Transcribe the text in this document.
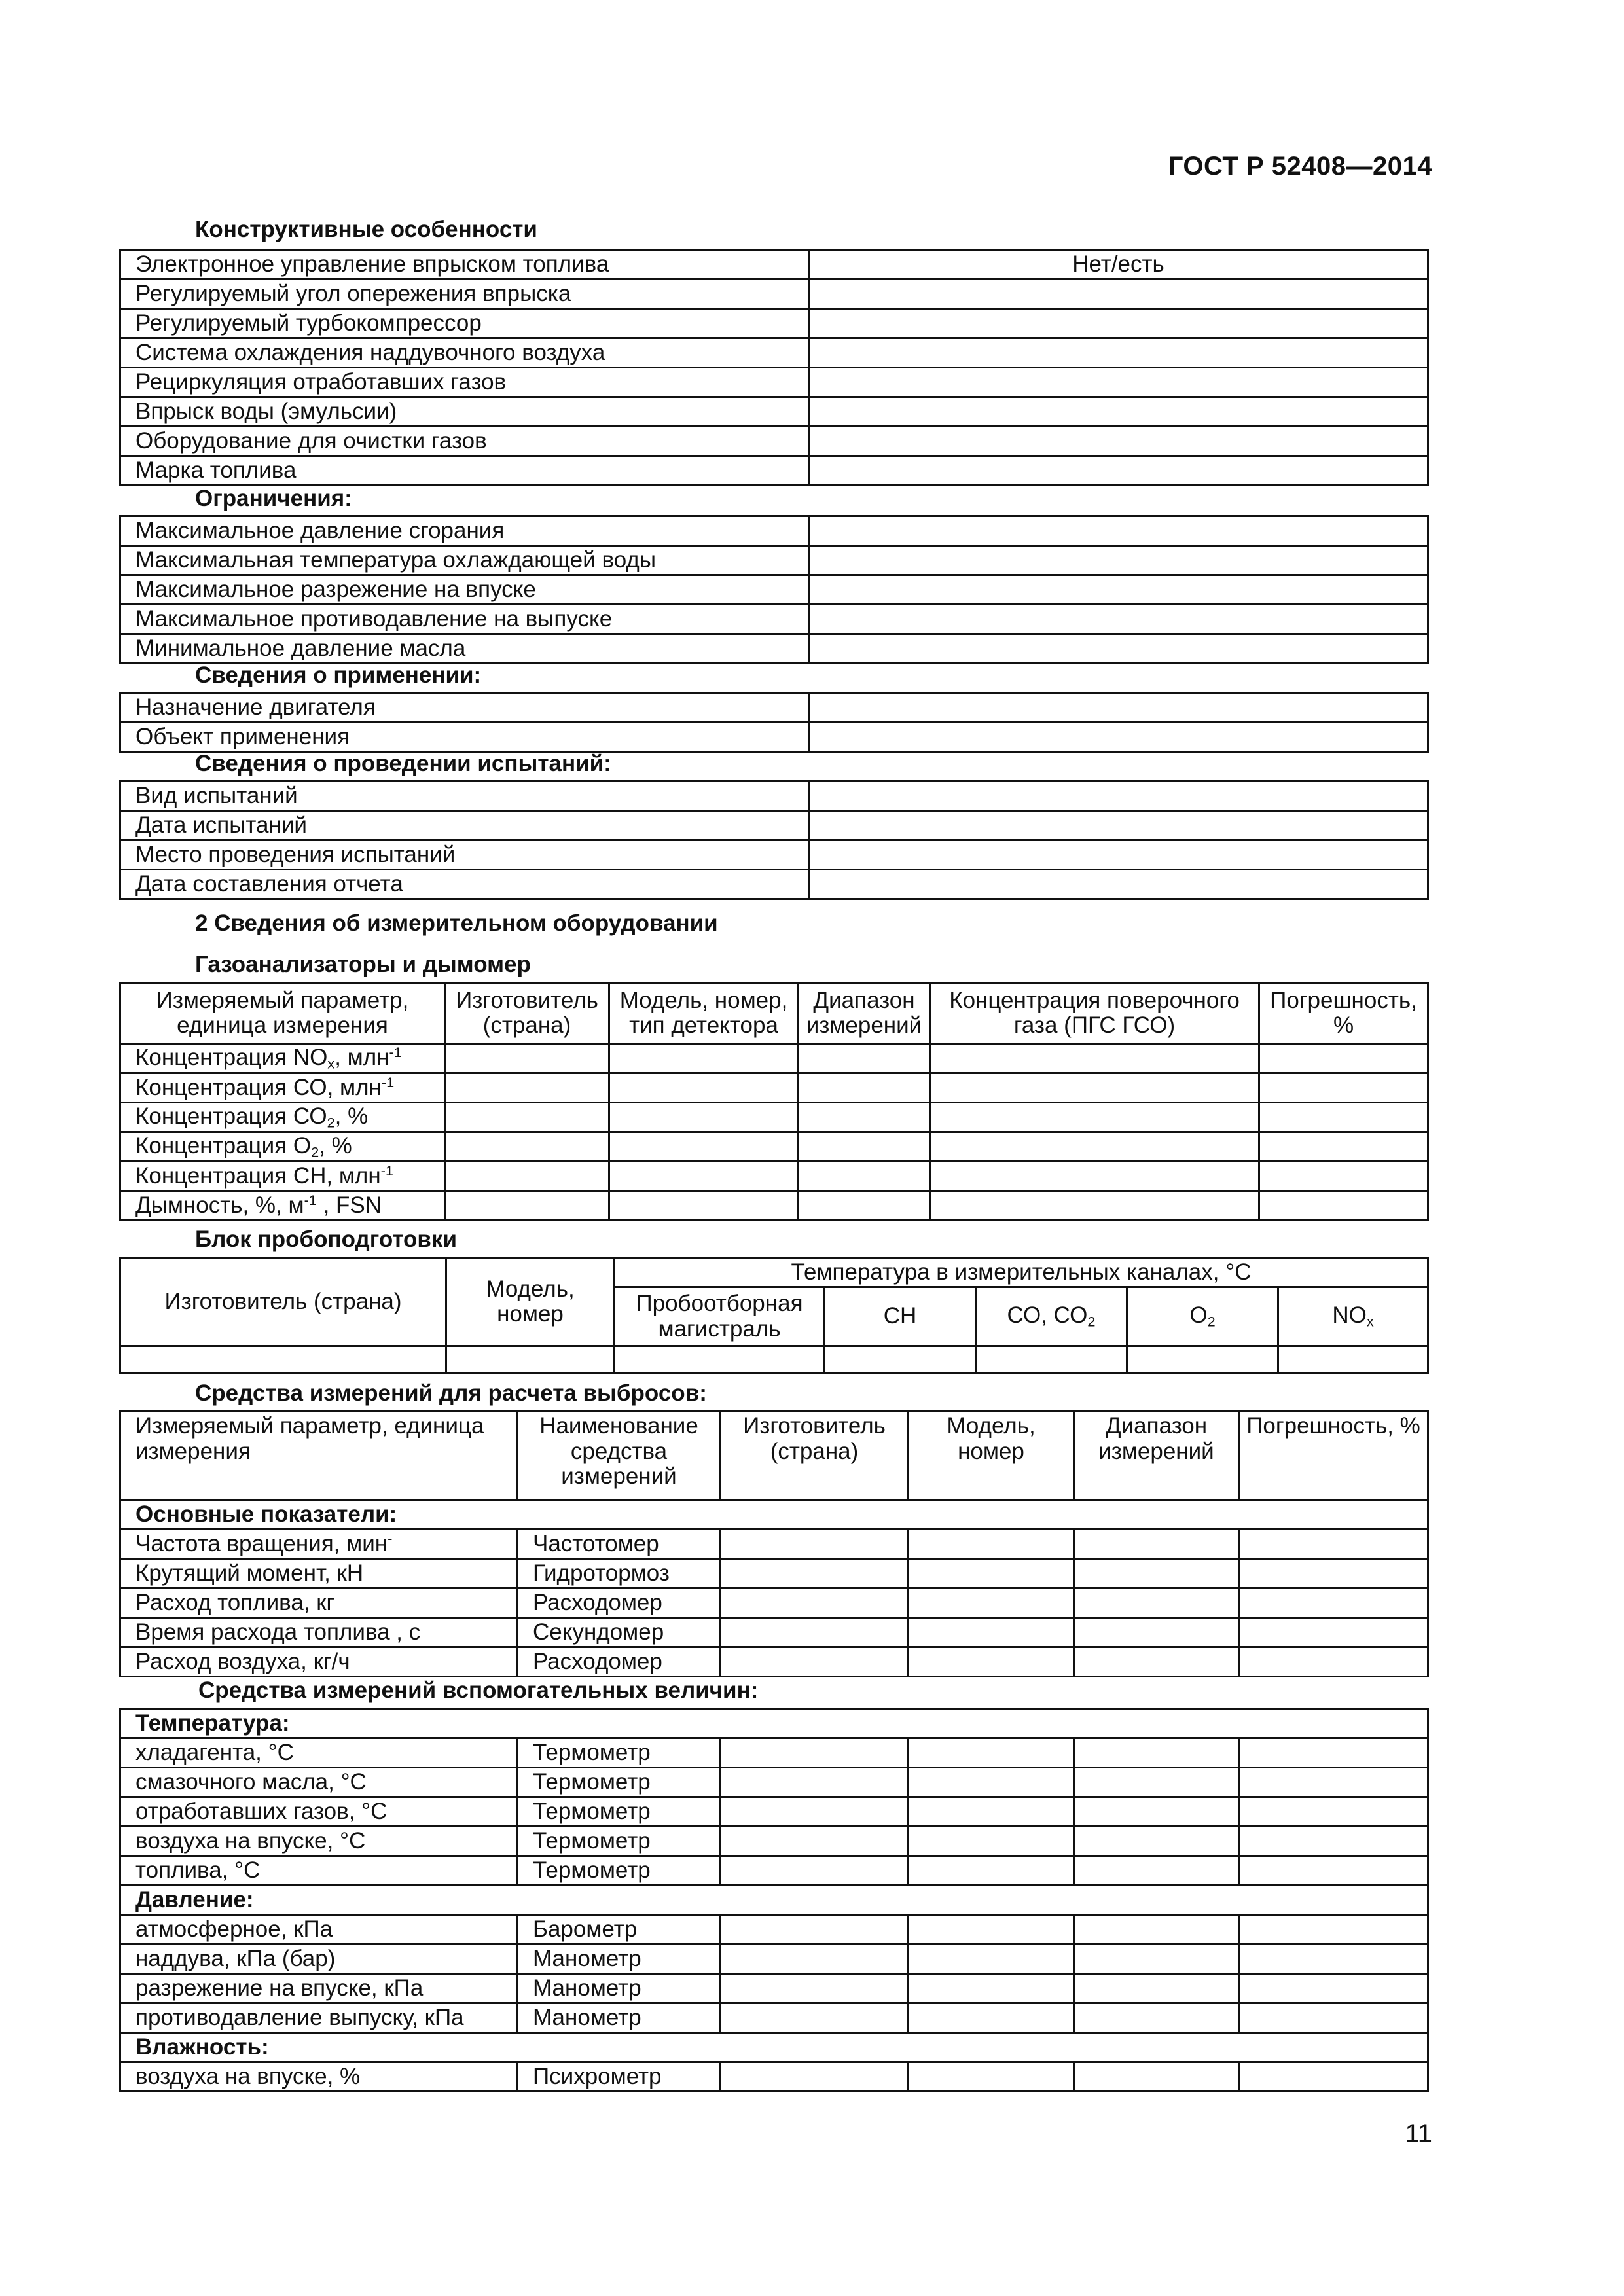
ГОСТ Р 52408—2014
Конструктивные особенности
Электронное управление впрыском топлива	Нет/есть
Регулируемый угол опережения впрыска	
Регулируемый турбокомпрессор	
Система охлаждения наддувочного воздуха	
Рециркуляция отработавших газов	
Впрыск воды (эмульсии)	
Оборудование для очистки газов	
Марка топлива	
Ограничения:
Максимальное давление сгорания	
Максимальная температура охлаждающей воды	
Максимальное разрежение на впуске	
Максимальное противодавление на выпуске	
Минимальное давление масла	
Сведения о применении:
Назначение двигателя	
Объект применения	
Сведения о проведении испытаний:
Вид испытаний	
Дата испытаний	
Место проведения испытаний	
Дата составления отчета	
2 Сведения об измерительном оборудовании
Газоанализаторы и дымомер
Измеряемый параметр, единица измерения	Изготовитель (страна)	Модель, номер, тип детектора	Диапазон измерений	Концентрация поверочного газа (ПГС ГСО)	Погрешность, %
Концентрация $NO_x$, млн$^{-1}$					
Концентрация СО, млн$^{-1}$					
Концентрация $СО_2$, %					
Концентрация $О_2$, %					
Концентрация СН, млн$^{-1}$					
Дымность, %, $м^{-1}$ , FSN					
Блок пробоподготовки
Изготовитель (страна)	Модель, номер	Температура в измерительных каналах, °С				
		Пробоотборная магистраль	СН	СО, $СО_2$	$O_2$	$NO_x$

Средства измерений для расчета выбросов:
Измеряемый параметр, единица измерения	Наименование средства измерений	Изготовитель (страна)	Модель, номер	Диапазон измерений	Погрешность, %
Основные показатели:					
Частота вращения, мин-	Частотомер				
Крутящий момент, кН	Гидротормоз				
Расход топлива, кг	Расходомер				
Время расхода топлива , с	Секундомер				
Расход воздуха, кг/ч	Расходомер				
Средства измерений вспомогательных величин:
Температура:					
хладагента, °С	Термометр				
смазочного масла, °С	Термометр				
отработавших газов, °С	Термометр				
воздуха на впуске, °С	Термометр				
топлива, °С	Термометр				
Давление:					
атмосферное, кПа	Барометр				
наддува, кПа (бар)	Манометр				
разрежение на впуске, кПа	Манометр				
противодавление выпуску, кПа	Манометр				
Влажность:					
воздуха на впуске, %	Психрометр				
11
